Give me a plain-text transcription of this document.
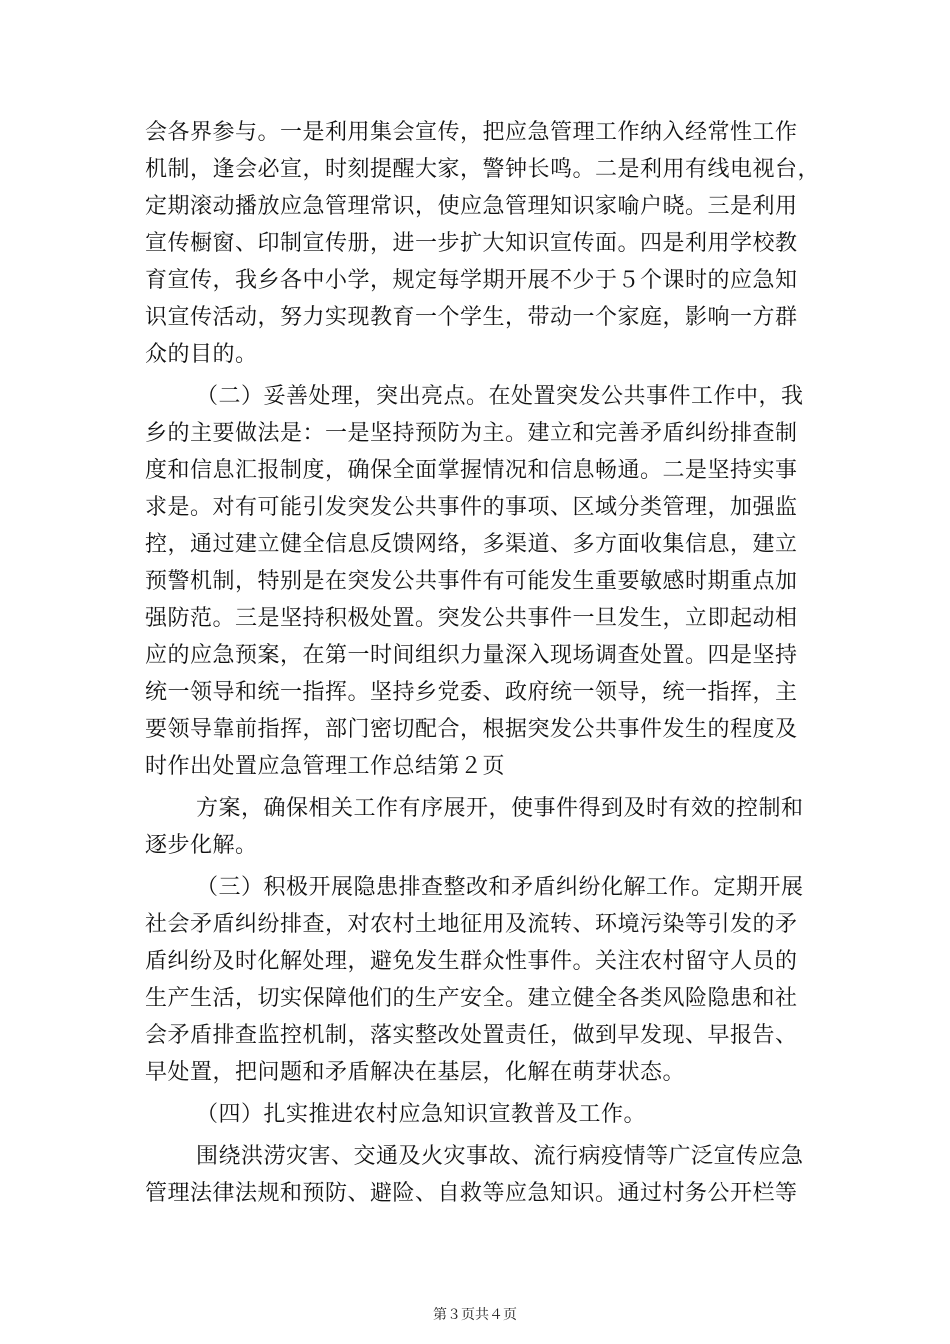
会各界参与。一是利用集会宣传，把应急管理工作纳入经常性工作
机制，逢会必宣，时刻提醒大家，警钟长鸣。二是利用有线电视台，
定期滚动播放应急管理常识，使应急管理知识家喻户晓。三是利用
宣传橱窗、印制宣传册，进一步扩大知识宣传面。四是利用学校教
育宣传，我乡各中小学，规定每学期开展不少于５个课时的应急知
识宣传活动，努力实现教育一个学生，带动一个家庭，影响一方群
众的目的。
（二）妥善处理，突出亮点。在处置突发公共事件工作中，我
乡的主要做法是：一是坚持预防为主。建立和完善矛盾纠纷排查制
度和信息汇报制度，确保全面掌握情况和信息畅通。二是坚持实事
求是。对有可能引发突发公共事件的事项、区域分类管理，加强监
控，通过建立健全信息反馈网络，多渠道、多方面收集信息，建立
预警机制，特别是在突发公共事件有可能发生重要敏感时期重点加
强防范。三是坚持积极处置。突发公共事件一旦发生，立即起动相
应的应急预案，在第一时间组织力量深入现场调查处置。四是坚持
统一领导和统一指挥。坚持乡党委、政府统一领导，统一指挥，主
要领导靠前指挥，部门密切配合，根据突发公共事件发生的程度及
时作出处置应急管理工作总结第２页
方案，确保相关工作有序展开，使事件得到及时有效的控制和
逐步化解。
（三）积极开展隐患排查整改和矛盾纠纷化解工作。定期开展
社会矛盾纠纷排查，对农村土地征用及流转、环境污染等引发的矛
盾纠纷及时化解处理，避免发生群众性事件。关注农村留守人员的
生产生活，切实保障他们的生产安全。建立健全各类风险隐患和社
会矛盾排查监控机制，落实整改处置责任，做到早发现、早报告、
早处置，把问题和矛盾解决在基层，化解在萌芽状态。
（四）扎实推进农村应急知识宣教普及工作。
围绕洪涝灾害、交通及火灾事故、流行病疫情等广泛宣传应急
管理法律法规和预防、避险、自救等应急知识。通过村务公开栏等
第３页共４页
